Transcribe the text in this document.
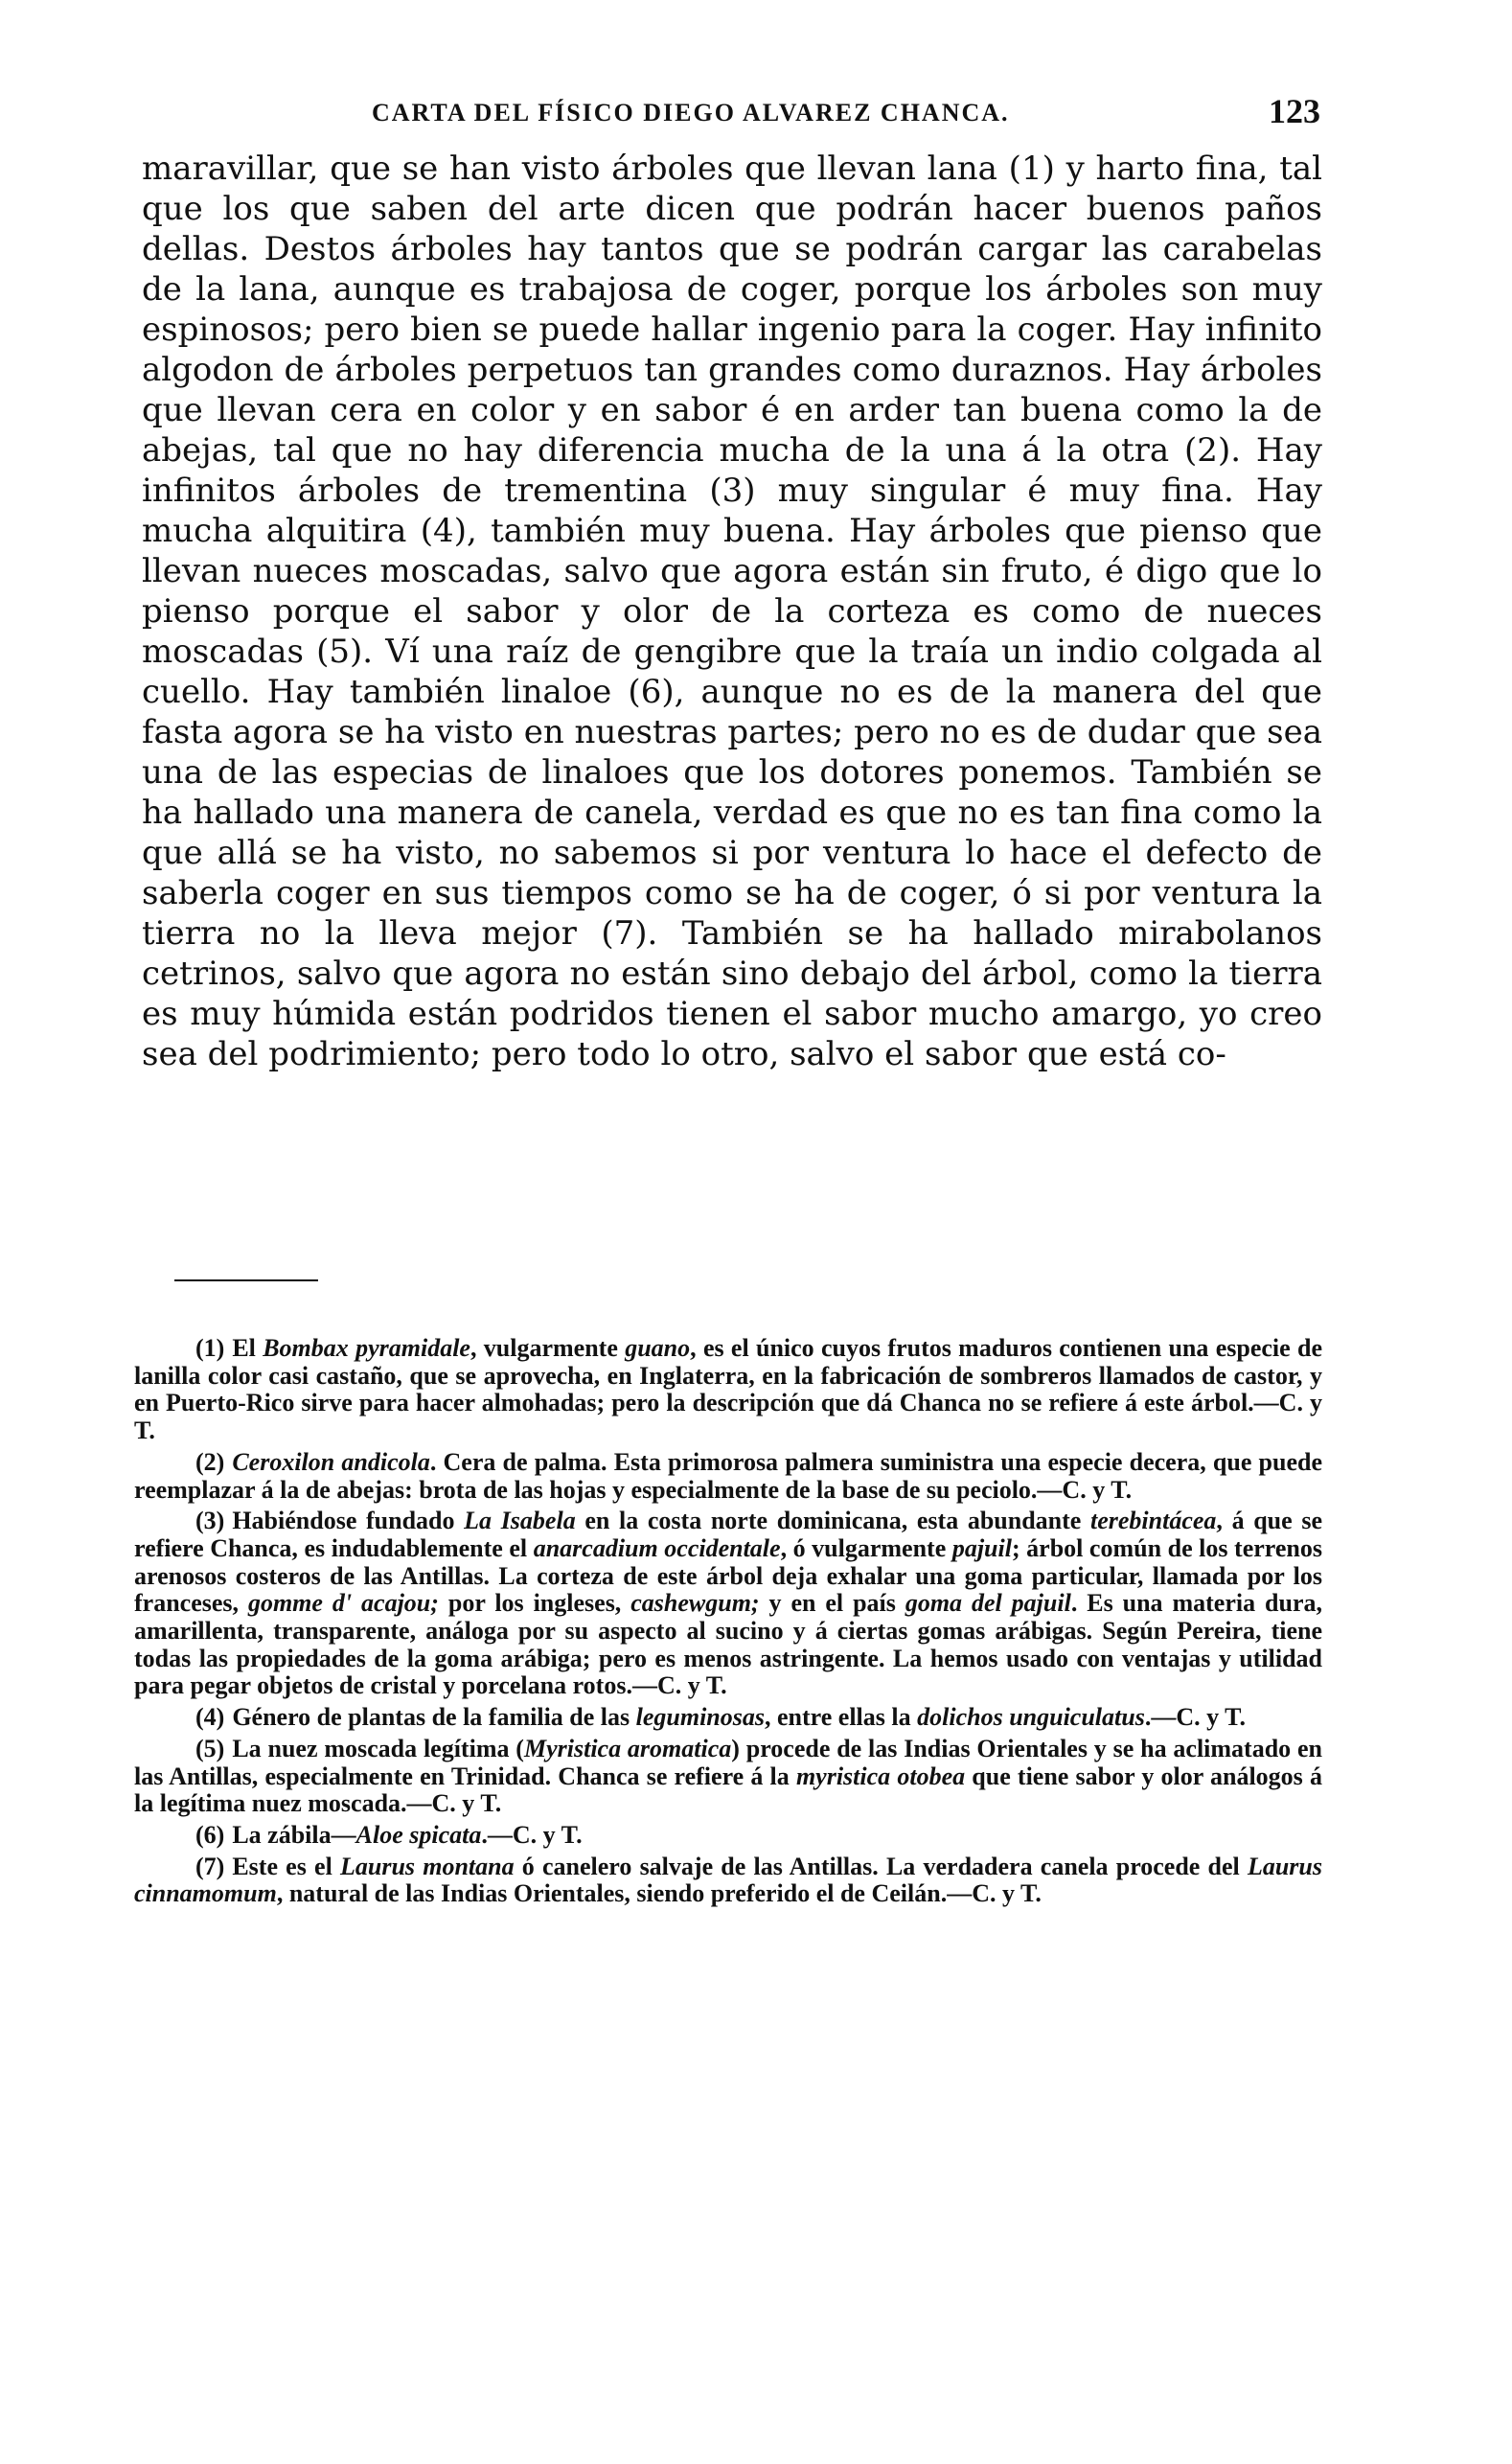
CARTA DEL FÍSICO DIEGO ALVAREZ CHANCA.	123

maravillar, que se han visto árboles que llevan lana (1) y harto fina, tal que los que saben del arte dicen que podrán hacer buenos paños dellas. Destos árboles hay tantos que se podrán cargar las carabelas de la lana, aunque es trabajosa de coger, porque los árboles son muy espinosos; pero bien se puede hallar ingenio para la coger. Hay infinito algodon de árboles perpetuos tan grandes como duraznos. Hay árboles que llevan cera en color y en sabor é en arder tan buena como la de abejas, tal que no hay diferencia mucha de la una á la otra (2). Hay infinitos árboles de trementina (3) muy singular é muy fina. Hay mucha alquitira (4), también muy buena. Hay árboles que pienso que llevan nueces moscadas, salvo que agora están sin fruto, é digo que lo pienso porque el sabor y olor de la corteza es como de nueces moscadas (5). Ví una raíz de gengibre que la traía un indio colgada al cuello. Hay también linaloe (6), aunque no es de la manera del que fasta agora se ha visto en nuestras partes; pero no es de dudar que sea una de las especias de linaloes que los dotores ponemos. También se ha hallado una manera de canela, verdad es que no es tan fina como la que allá se ha visto, no sabemos si por ventura lo hace el defecto de saberla coger en sus tiempos como se ha de coger, ó si por ventura la tierra no la lleva mejor (7). También se ha hallado mirabolanos cetrinos, salvo que agora no están sino debajo del árbol, como la tierra es muy húmida están podridos tienen el sabor mucho amargo, yo creo sea del podrimiento; pero todo lo otro, salvo el sabor que está co-

(1) El Bombax pyramidale, vulgarmente guano, es el único cuyos frutos maduros contienen una especie de lanilla color casi castaño, que se aprovecha, en Inglaterra, en la fabricación de sombreros llamados de castor, y en Puerto-Rico sirve para hacer almohadas; pero la descripción que dá Chanca no se refiere á este árbol.—C. y T.

(2) Ceroxilon andicola. Cera de palma. Esta primorosa palmera suministra una especie decera, que puede reemplazar á la de abejas: brota de las hojas y especialmente de la base de su peciolo.—C. y T.

(3) Habiéndose fundado La Isabela en la costa norte dominicana, esta abundante terebintácea, á que se refiere Chanca, es indudablemente el anarcadium occidentale, ó vulgarmente pajuil; árbol común de los terrenos arenosos costeros de las Antillas. La corteza de este árbol deja exhalar una goma particular, llamada por los franceses, gomme d' acajou; por los ingleses, cashewgum; y en el país goma del pajuil. Es una materia dura, amarillenta, transparente, análoga por su aspecto al sucino y á ciertas gomas arábigas. Según Pereira, tiene todas las propiedades de la goma arábiga; pero es menos astringente. La hemos usado con ventajas y utilidad para pegar objetos de cristal y porcelana rotos.—C. y T.

(4) Género de plantas de la familia de las leguminosas, entre ellas la dolichos unguiculatus.—C. y T.

(5) La nuez moscada legítima (Myristica aromatica) procede de las Indias Orientales y se ha aclimatado en las Antillas, especialmente en Trinidad. Chanca se refiere á la myristica otobea que tiene sabor y olor análogos á la legítima nuez moscada.—C. y T.

(6) La zábila—Aloe spicata.—C. y T.

(7) Este es el Laurus montana ó canelero salvaje de las Antillas. La verdadera canela procede del Laurus cinnamomum, natural de las Indias Orientales, siendo preferido el de Ceilán.—C. y T.
